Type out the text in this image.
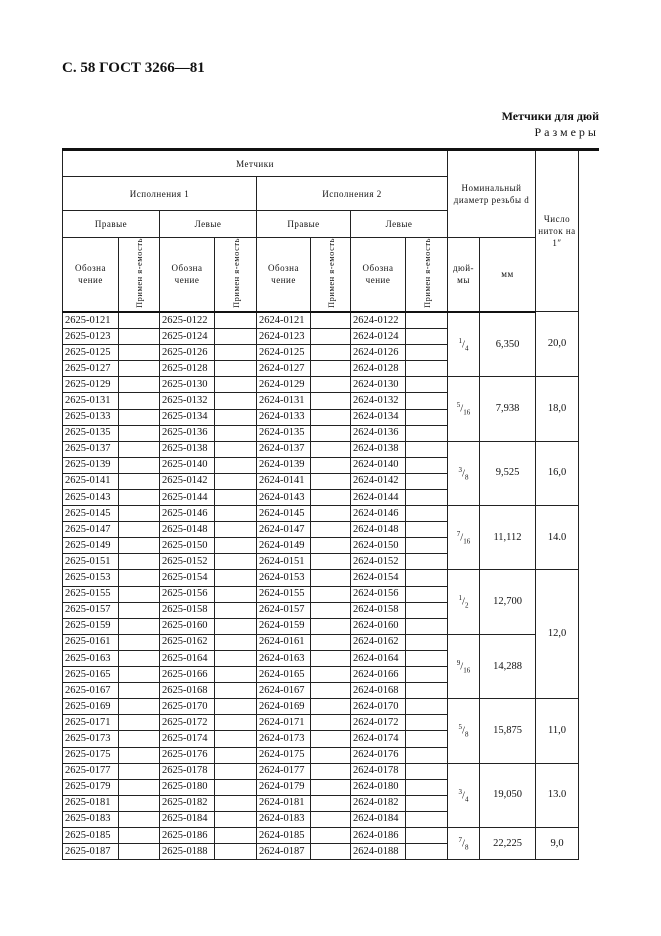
С. 58 ГОСТ 3266—81
Метчики для дюй
Размеры
Метчики								Номинальный диаметр резьбы d		Число ниток на 1″	
Исполнения 1				Исполнения 2							
Правые		Левые		Правые		Левые					
Обозна чение	Примен я-емость	Обозна чение	Примен я-емость	Обозна чение	Примен я-емость	Обозна чение	Примен я-емость	дюй-мы	мм		
2625-0121		2625-0122		2624-0121		2624-0122		$^1/_4$	6,350	20,0	
2625-0123		2625-0124		2624-0123		2624-0124					
2625-0125		2625-0126		2624-0125		2624-0126					
2625-0127		2625-0128		2624-0127		2624-0128					
2625-0129		2625-0130		2624-0129		2624-0130		$^5/_{16}$	7,938	18,0	
2625-0131		2625-0132		2624-0131		2624-0132					
2625-0133		2625-0134		2624-0133		2624-0134					
2625-0135		2625-0136		2624-0135		2624-0136					
2625-0137		2625-0138		2624-0137		2624-0138		$^3/_8$	9,525	16,0	
2625-0139		2625-0140		2624-0139		2624-0140					
2625-0141		2625-0142		2624-0141		2624-0142					
2625-0143		2625-0144		2624-0143		2624-0144					
2625-0145		2625-0146		2624-0145		2624-0146		$^7/_{16}$	11,112	14.0	
2625-0147		2625-0148		2624-0147		2624-0148					
2625-0149		2625-0150		2624-0149		2624-0150					
2625-0151		2625-0152		2624-0151		2624-0152					
2625-0153		2625-0154		2624-0153		2624-0154		$^1/_2$	12,700	12,0	
2625-0155		2625-0156		2624-0155		2624-0156					
2625-0157		2625-0158		2624-0157		2624-0158					
2625-0159		2625-0160		2624-0159		2624-0160					
2625-0161		2625-0162		2624-0161		2624-0162		$^9/_{16}$	14,288		
2625-0163		2625-0164		2624-0163		2624-0164					
2625-0165		2625-0166		2624-0165		2624-0166					
2625-0167		2625-0168		2624-0167		2624-0168					
2625-0169		2625-0170		2624-0169		2624-0170		$^5/_8$	15,875	11,0	
2625-0171		2625-0172		2624-0171		2624-0172					
2625-0173		2625-0174		2624-0173		2624-0174					
2625-0175		2625-0176		2624-0175		2624-0176					
2625-0177		2625-0178		2624-0177		2624-0178		$^3/_4$	19,050	13.0	
2625-0179		2625-0180		2624-0179		2624-0180					
2625-0181		2625-0182		2624-0181		2624-0182					
2625-0183		2625-0184		2624-0183		2624-0184					
2625-0185		2625-0186		2624-0185		2624-0186		$^7/_8$	22,225	9,0	
2625-0187		2625-0188		2624-0187		2624-0188					
